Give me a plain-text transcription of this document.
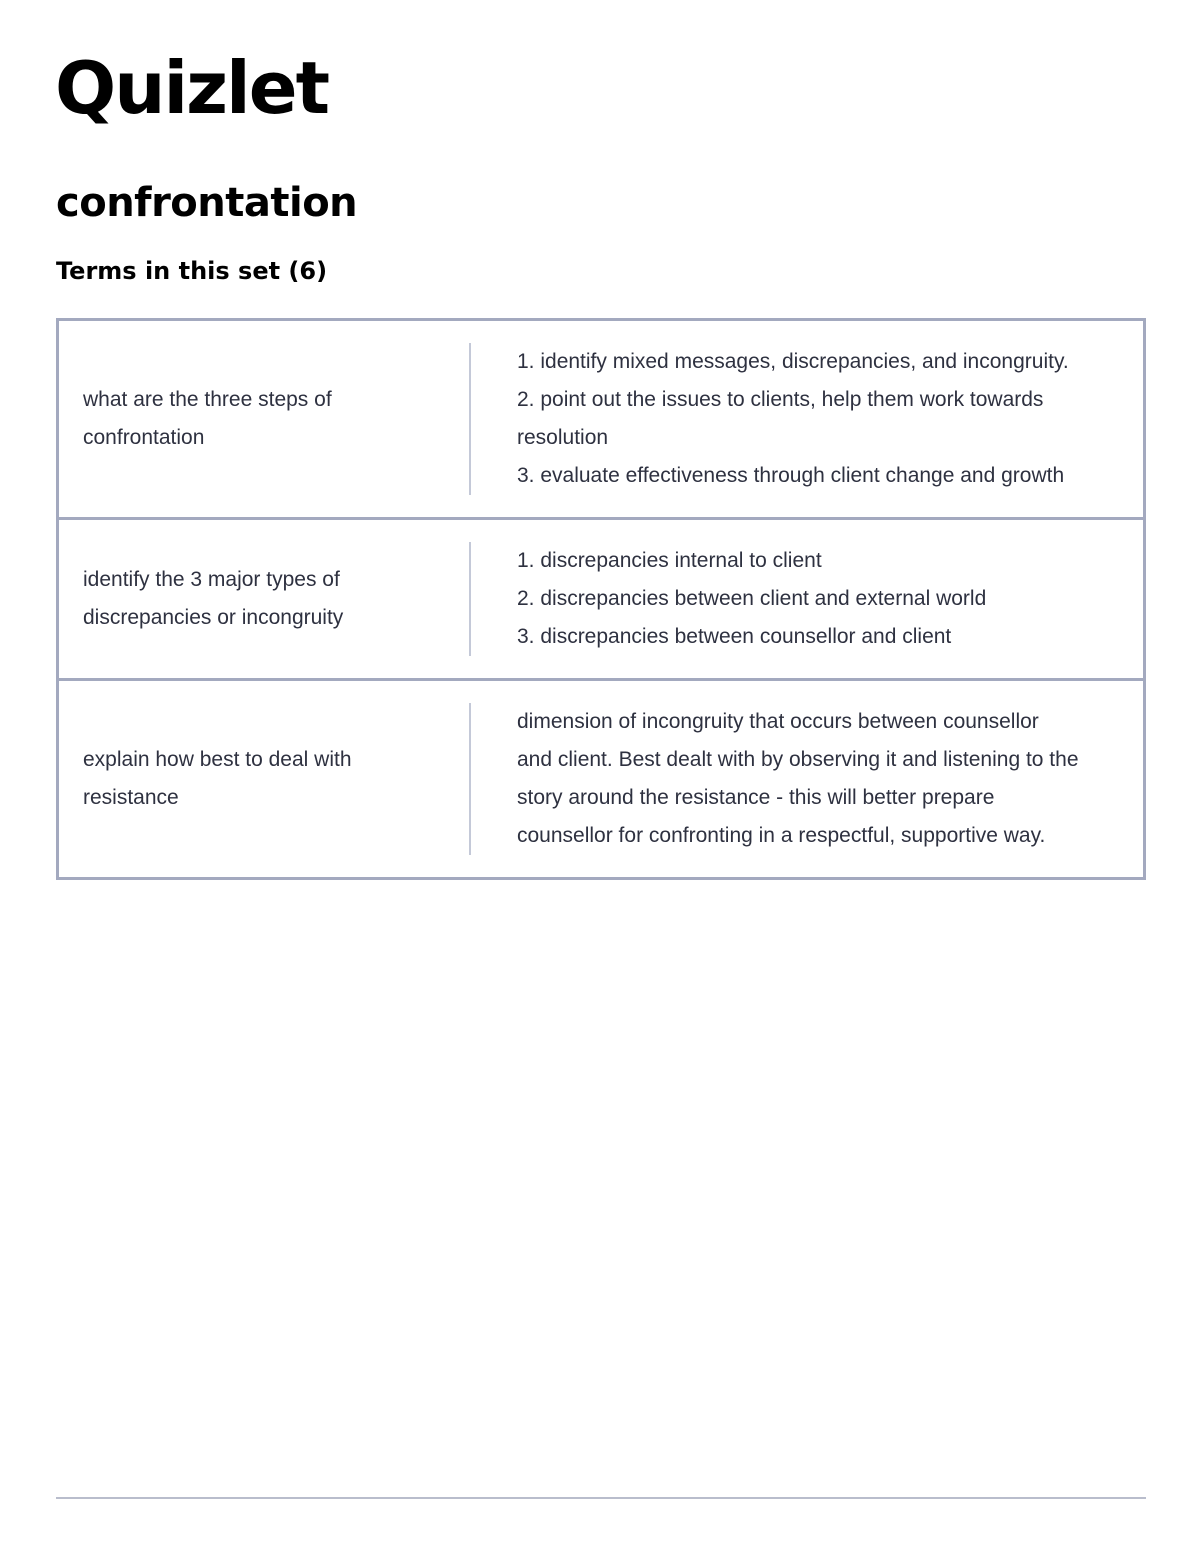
Quizlet
confrontation
Terms in this set (6)
what are the three steps of confrontation
1. identify mixed messages, discrepancies, and incongruity.
2. point out the issues to clients, help them work towards resolution
3. evaluate effectiveness through client change and growth
identify the 3 major types of discrepancies or incongruity
1. discrepancies internal to client
2. discrepancies between client and external world
3. discrepancies between counsellor and client
explain how best to deal with resistance
dimension of incongruity that occurs between counsellor and client. Best dealt with by observing it and listening to the story around the resistance - this will better prepare counsellor for confronting in a respectful, supportive way.
